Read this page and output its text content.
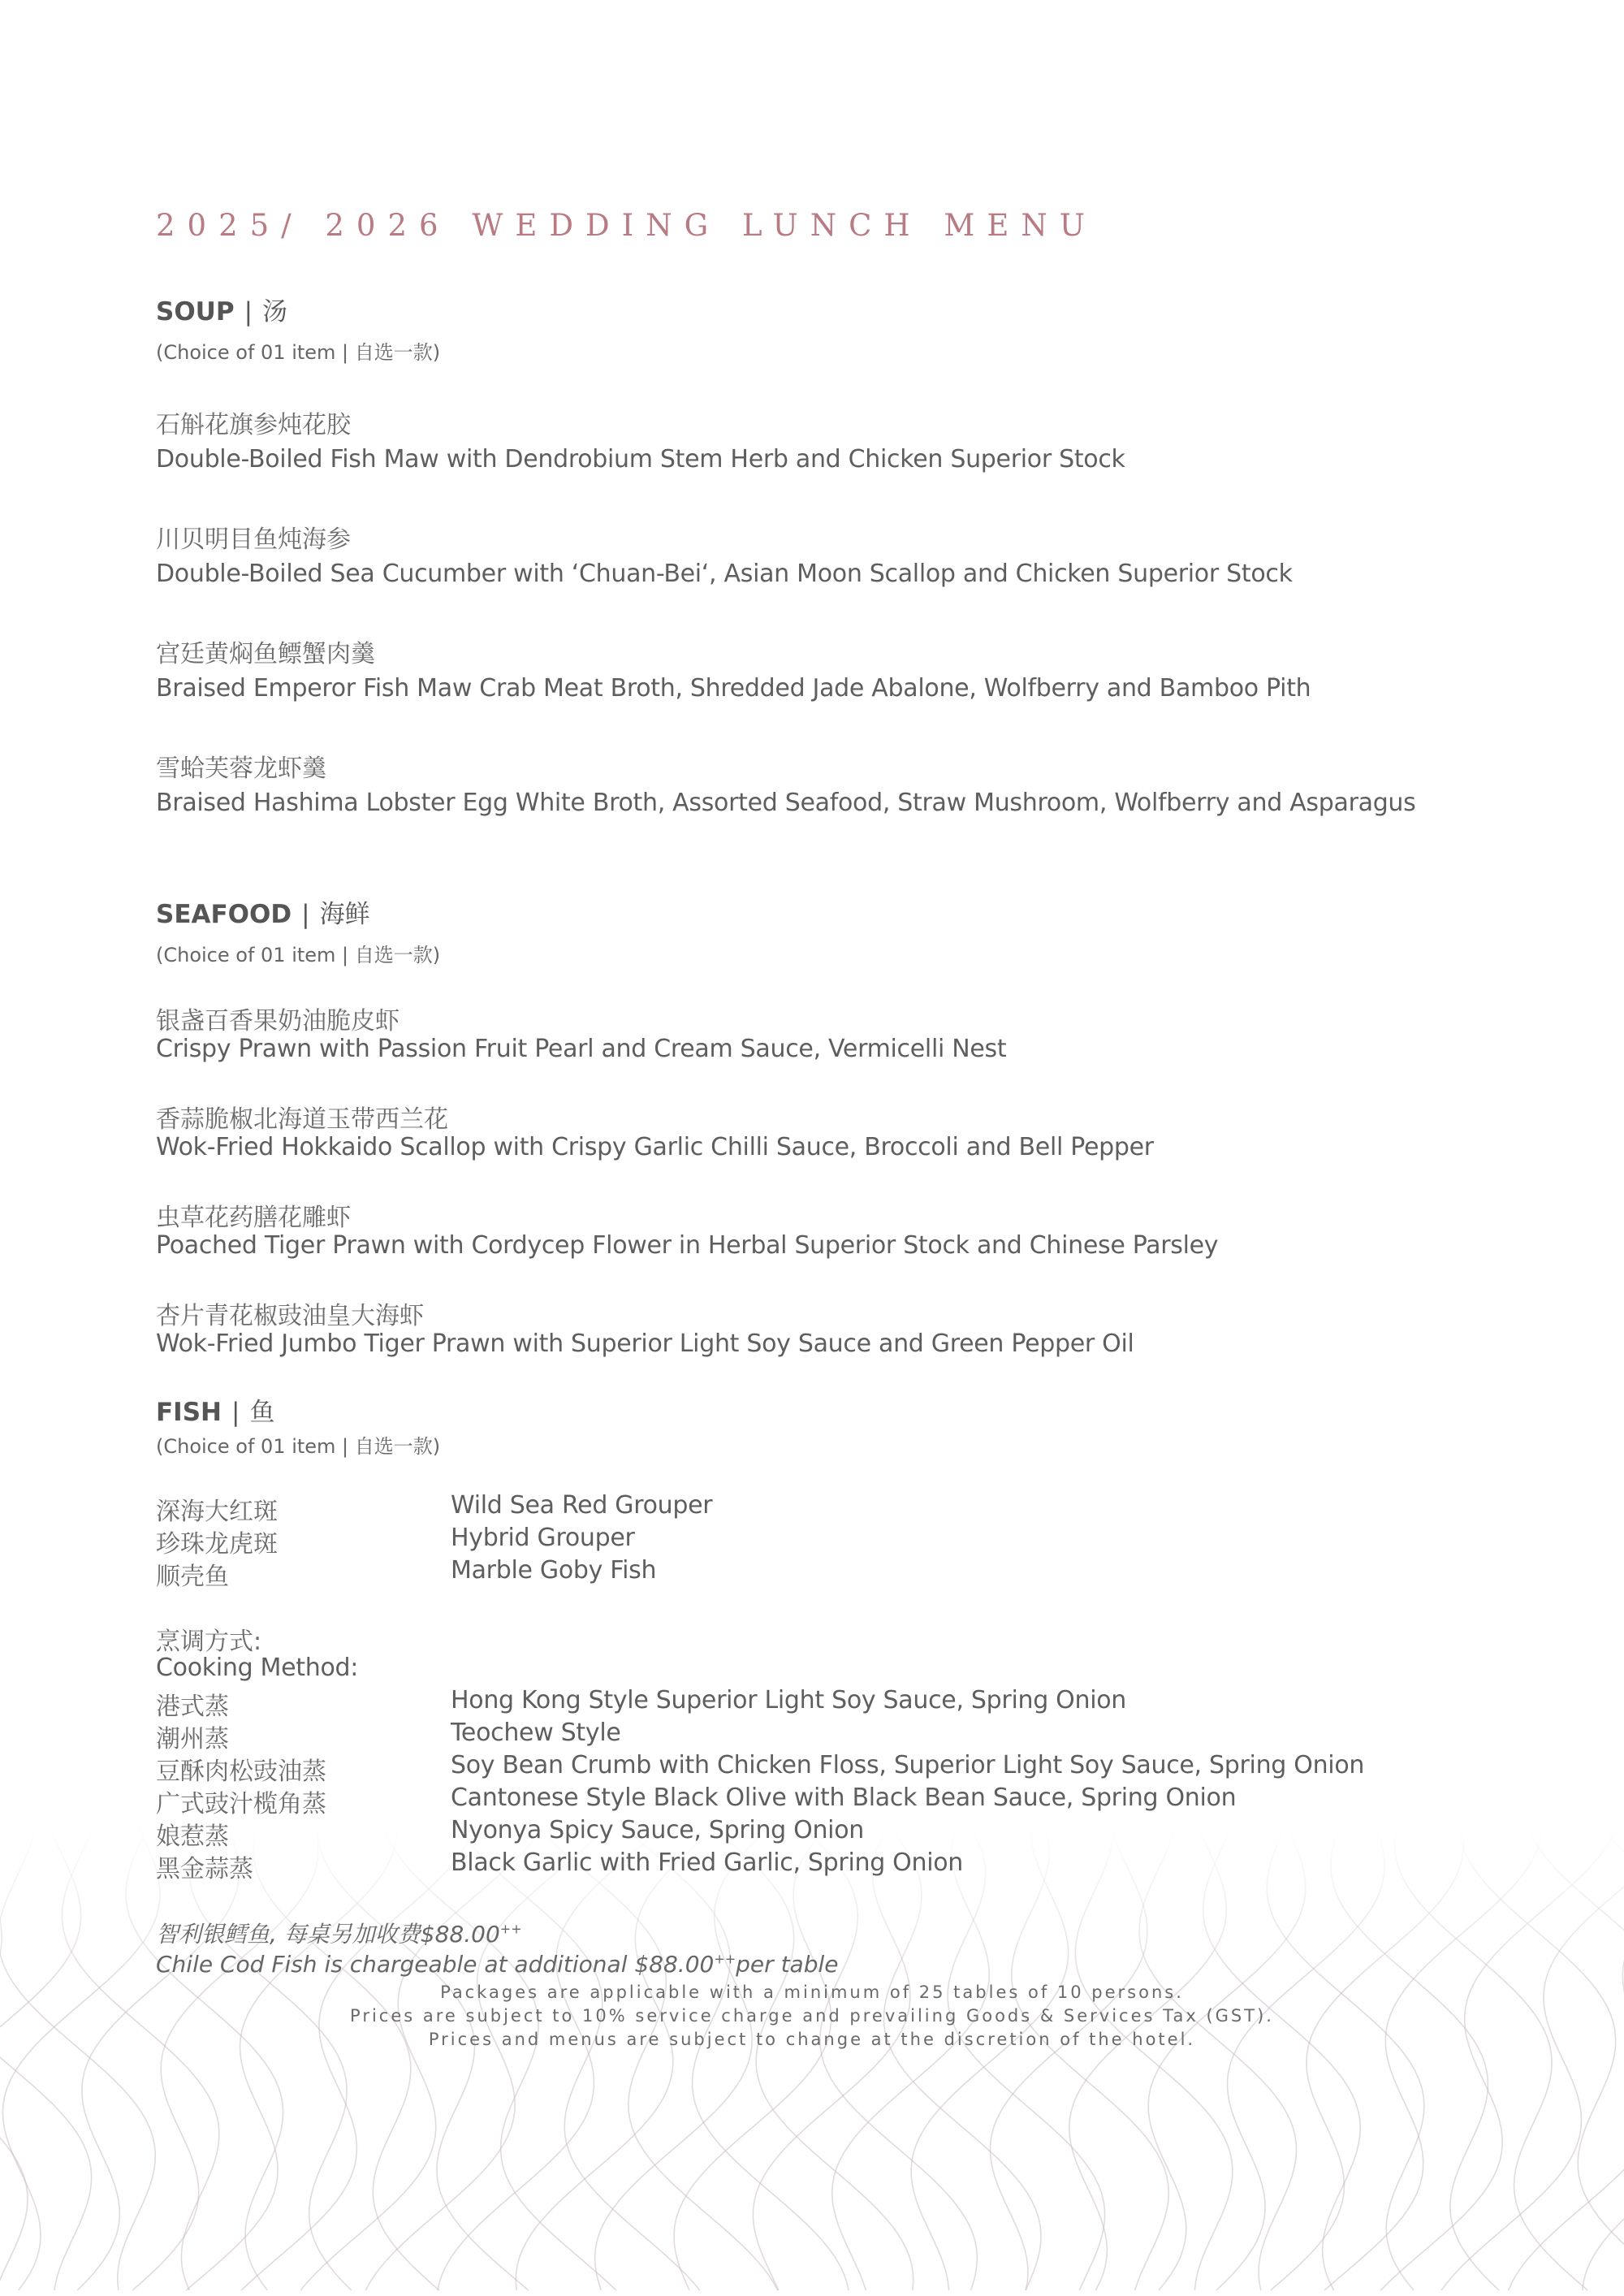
2025/ 2026 WEDDING LUNCH MENU
SOUP | 汤
(Choice of 01 item | 自选一款)
石斛花旗参炖花胶
Double-Boiled Fish Maw with Dendrobium Stem Herb and Chicken Superior Stock
川贝明目鱼炖海参
Double-Boiled Sea Cucumber with ‘Chuan-Bei‘, Asian Moon Scallop and Chicken Superior Stock
宫廷黄焖鱼鳔蟹肉羹
Braised Emperor Fish Maw Crab Meat Broth, Shredded Jade Abalone, Wolfberry and Bamboo Pith
雪蛤芙蓉龙虾羹
Braised Hashima Lobster Egg White Broth, Assorted Seafood, Straw Mushroom, Wolfberry and Asparagus
SEAFOOD | 海鲜
(Choice of 01 item | 自选一款)
银盏百香果奶油脆皮虾
Crispy Prawn with Passion Fruit Pearl and Cream Sauce, Vermicelli Nest
香蒜脆椒北海道玉带西兰花
Wok-Fried Hokkaido Scallop with Crispy Garlic Chilli Sauce, Broccoli and Bell Pepper
虫草花药膳花雕虾
Poached Tiger Prawn with Cordycep Flower in Herbal Superior Stock and Chinese Parsley
杏片青花椒豉油皇大海虾
Wok-Fried Jumbo Tiger Prawn with Superior Light Soy Sauce and Green Pepper Oil
FISH | 鱼
(Choice of 01 item | 自选一款)
深海大红斑	Wild Sea Red Grouper
珍珠龙虎斑	Hybrid Grouper
顺壳鱼	Marble Goby Fish
烹调方式:
Cooking Method:
港式蒸	Hong Kong Style Superior Light Soy Sauce, Spring Onion
潮州蒸	Teochew Style
豆酥肉松豉油蒸	Soy Bean Crumb with Chicken Floss, Superior Light Soy Sauce, Spring Onion
广式豉汁榄角蒸	Cantonese Style Black Olive with Black Bean Sauce, Spring Onion
娘惹蒸	Nyonya Spicy Sauce, Spring Onion
黑金蒜蒸	Black Garlic with Fried Garlic, Spring Onion
智利银鳕鱼, 每桌另加收费$88.00++
Chile Cod Fish is chargeable at additional $88.00++per table
Packages are applicable with a minimum of 25 tables of 10 persons.
Prices are subject to 10% service charge and prevailing Goods & Services Tax (GST).
Prices and menus are subject to change at the discretion of the hotel.
